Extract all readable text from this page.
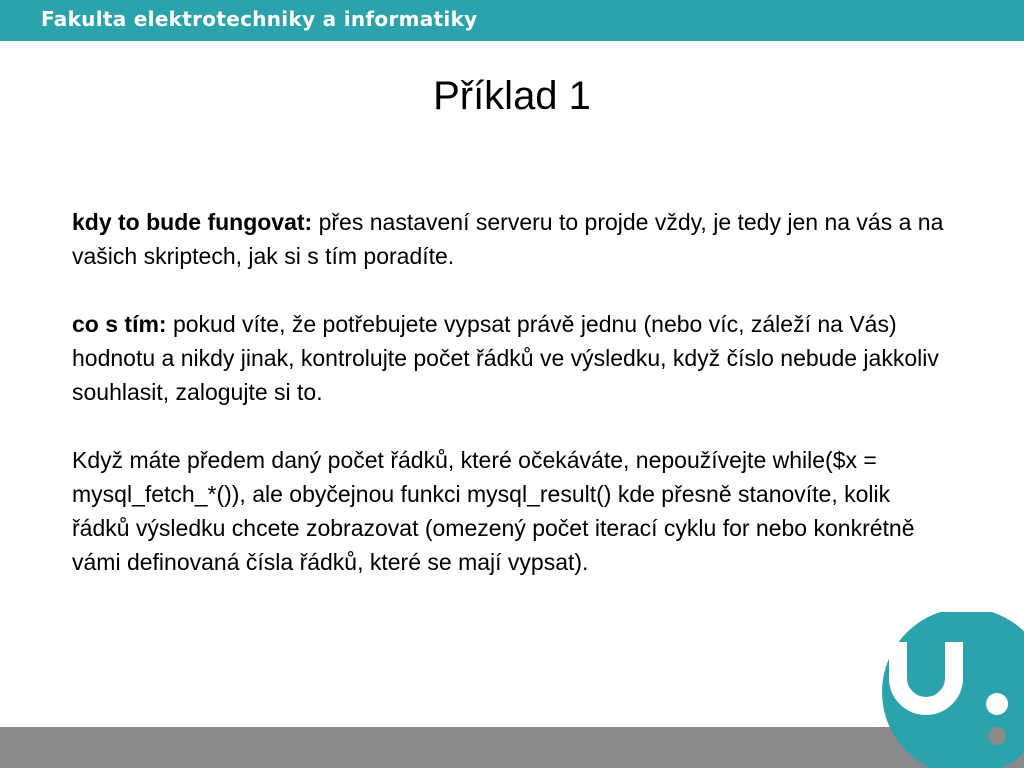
Fakulta elektrotechniky a informatiky
Příklad 1

kdy to bude fungovat: přes nastavení serveru to projde vždy, je tedy jen na vás a na vašich skriptech, jak si s tím poradíte.

co s tím: pokud víte, že potřebujete vypsat právě jednu (nebo víc, záleží na Vás) hodnotu a nikdy jinak, kontrolujte počet řádků ve výsledku, když číslo nebude jakkoliv souhlasit, zalogujte si to.

Když máte předem daný počet řádků, které očekáváte, nepoužívejte while($x = mysql_fetch_*()), ale obyčejnou funkci mysql_result() kde přesně stanovíte, kolik řádků výsledku chcete zobrazovat (omezený počet iterací cyklu for nebo konkrétně vámi definovaná čísla řádků, které se mají vypsat).
